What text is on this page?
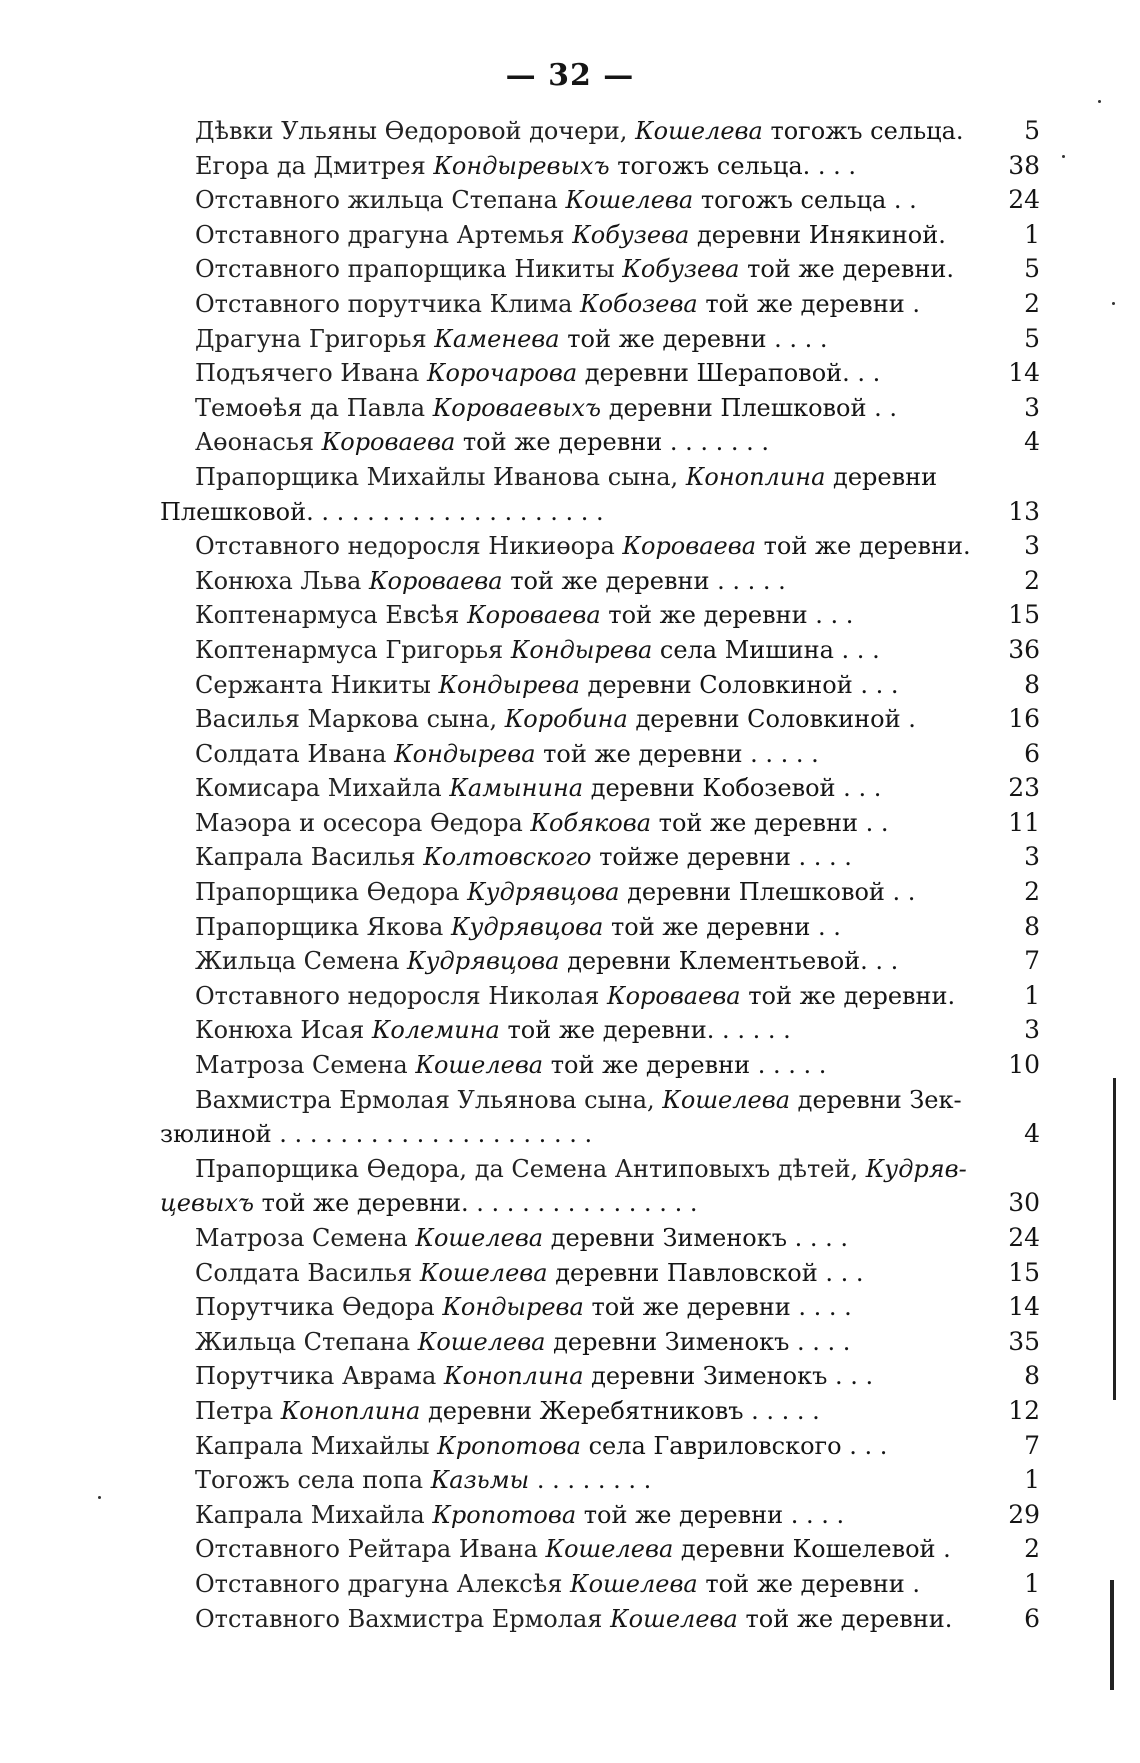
— 32 —
Дѣвки Ульяны Өедоровой дочери, Кошелева тогожъ сельца.	5
Егора да Дмитрея Кондыревыхъ тогожъ сельца. . . .	38
Отставного жильца Степана Кошелева тогожъ сельца . .	24
Отставного драгуна Артемья Кобузева деревни Инякиной.	1
Отставного прапорщика Никиты Кобузева той же деревни.	5
Отставного порутчика Клима Кобозева той же деревни .	2
Драгуна Григорья Каменева той же деревни . . . .	5
Подъячего Ивана Корочарова деревни Шераповой. . .	14
Темоөѣя да Павла Короваевыхъ деревни Плешковой . .	3
Аөонасья Короваева той же деревни . . . . . . .	4
Прапорщика Михайлы Иванова сына, Коноплина деревни
Плешковой. . . . . . . . . . . . . . . . . . . .	13
Отставного недоросля Никиөора Короваева той же деревни.	3
Конюха Льва Короваева той же деревни . . . . .	2
Коптенармуса Евсѣя Короваева той же деревни . . .	15
Коптенармуса Григорья Кондырева села Мишина . . .	36
Сержанта Никиты Кондырева деревни Соловкиной . . .	8
Василья Маркова сына, Коробина деревни Соловкиной .	16
Солдата Ивана Кондырева той же деревни . . . . .	6
Комисара Михайла Камынина деревни Кобозевой . . .	23
Маэора и осесора Өедора Кобякова той же деревни . .	11
Капрала Василья Колтовского тойже деревни . . . .	3
Прапорщика Өедора Кудрявцова деревни Плешковой . .	2
Прапорщика Якова Кудрявцова той же деревни . .	8
Жильца Семена Кудрявцова деревни Клементьевой. . .	7
Отставного недоросля Николая Короваева той же деревни.	1
Конюха Исая Колемина той же деревни. . . . . .	3
Матроза Семена Кошелева той же деревни . . . . .	10
Вахмистра Ермолая Ульянова сына, Кошелева деревни Зек-
зюлиной . . . . . . . . . . . . . . . . . . . . .	4
Прапорщика Өедора, да Семена Антиповыхъ дѣтей, Кудряв-
цевыхъ той же деревни. . . . . . . . . . . . . . . .	30
Матроза Семена Кошелева деревни Зименокъ . . . .	24
Солдата Василья Кошелева деревни Павловской . . .	15
Порутчика Өедора Кондырева той же деревни . . . .	14
Жильца Степана Кошелева деревни Зименокъ . . . .	35
Порутчика Аврама Коноплина деревни Зименокъ . . .	8
Петра Коноплина деревни Жеребятниковъ . . . . .	12
Капрала Михайлы Кропотова села Гавриловского . . .	7
Тогожъ села попа Казьмы . . . . . . . .	1
Капрала Михайла Кропотова той же деревни . . . .	29
Отставного Рейтара Ивана Кошелева деревни Кошелевой .	2
Отставного драгуна Алексѣя Кошелева той же деревни .	1
Отставного Вахмистра Ермолая Кошелева той же деревни.	6
